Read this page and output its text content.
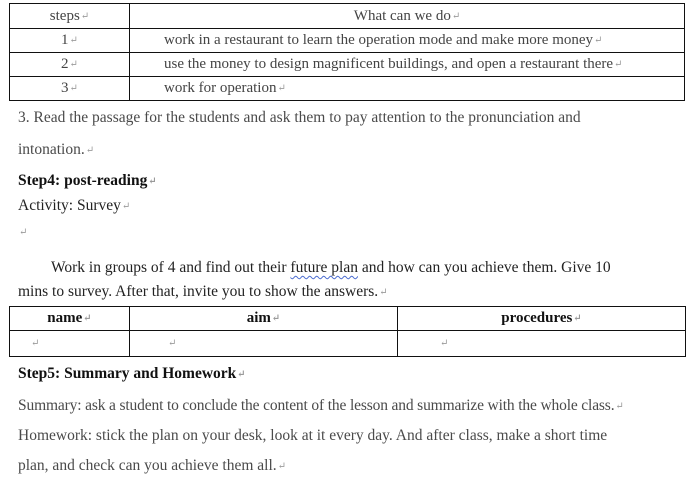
steps↵	What can we do↵
1↵	work in a restaurant to learn the operation mode and make more money↵
2↵	use the money to design magnificent buildings, and open a restaurant there↵
3↵	work for operation↵
3. Read the passage for the students and ask them to pay attention to the pronunciation and
intonation.↵
Step4: post-reading↵
Activity: Survey↵
↵
Work in groups of 4 and find out their future plan and how can you achieve them. Give 10
mins to survey. After that, invite you to show the answers.↵
name↵	aim↵	procedures↵
↵	↵	↵
Step5: Summary and Homework↵
Summary: ask a student to conclude the content of the lesson and summarize with the whole class.↵
Homework: stick the plan on your desk, look at it every day. And after class, make a short time
plan, and check can you achieve them all.↵
